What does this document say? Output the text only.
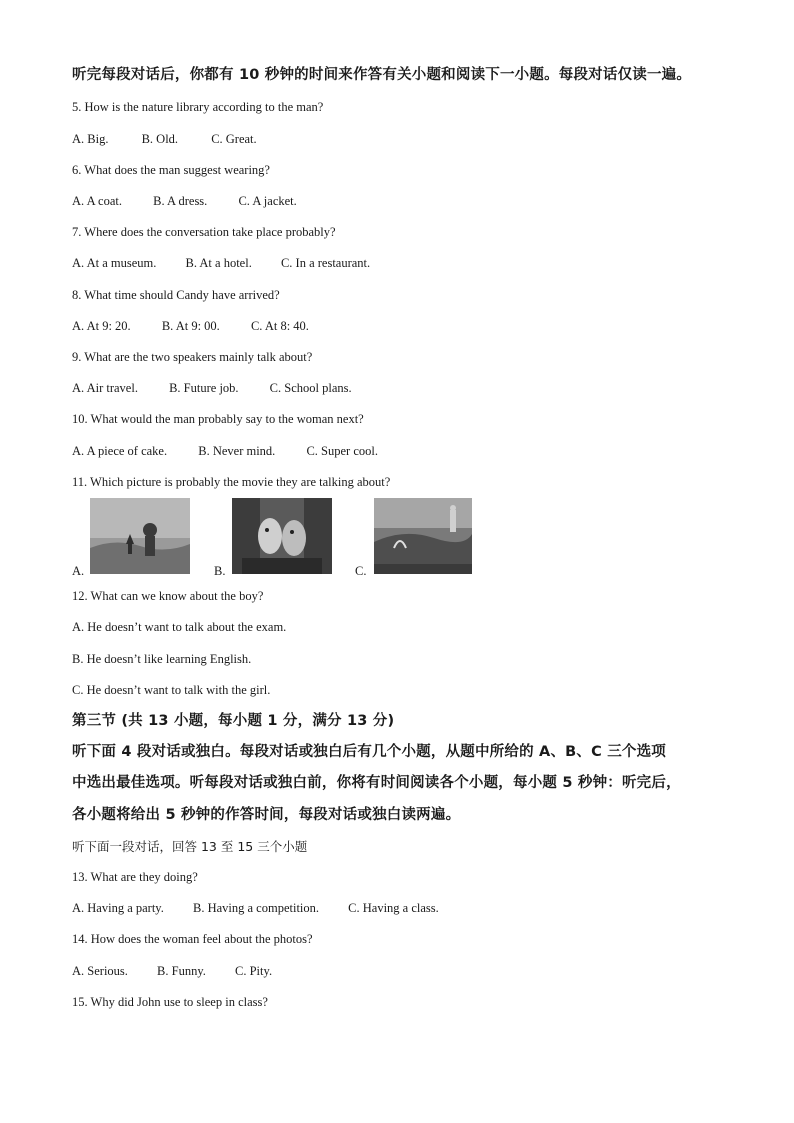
听完每段对话后，你都有 10 秒钟的时间来作答有关小题和阅读下一小题。每段对话仅读一遍。
5. How is the nature library according to the man?
A. Big.	B. Old.	C. Great.
6. What does the man suggest wearing?
A. A coat. B. A dress. C. A jacket.
7. Where does the conversation take place probably?
A. At a museum. B. At a hotel. C. In a restaurant.
8. What time should Candy have arrived?
A. At 9: 20. B. At 9: 00. C. At 8: 40.
9. What are the two speakers mainly talk about?
A. Air travel. B. Future job. C. School plans.
10. What would the man probably say to the woman next?
A. A piece of cake. B. Never mind. C. Super cool.
11. Which picture is probably the movie they are talking about?
A.	B.	C.
12. What can we know about the boy?
A. He doesn’t want to talk about the exam.
B. He doesn’t like learning English.
C. He doesn’t want to talk with the girl.
第三节 (共 13 小题，每小题 1 分，满分 13 分)
听下面 4 段对话或独白。每段对话或独白后有几个小题，从题中所给的 A、B、C 三个选项
中选出最佳选项。听每段对话或独白前，你将有时间阅读各个小题，每小题 5 秒钟：听完后，
各小题将给出 5 秒钟的作答时间，每段对话或独白读两遍。
听下面一段对话，回答 13 至 15 三个小题
13. What are they doing?
A. Having a party. B. Having a competition. C. Having a class.
14. How does the woman feel about the photos?
A. Serious. B. Funny. C. Pity.
15. Why did John use to sleep in class?
